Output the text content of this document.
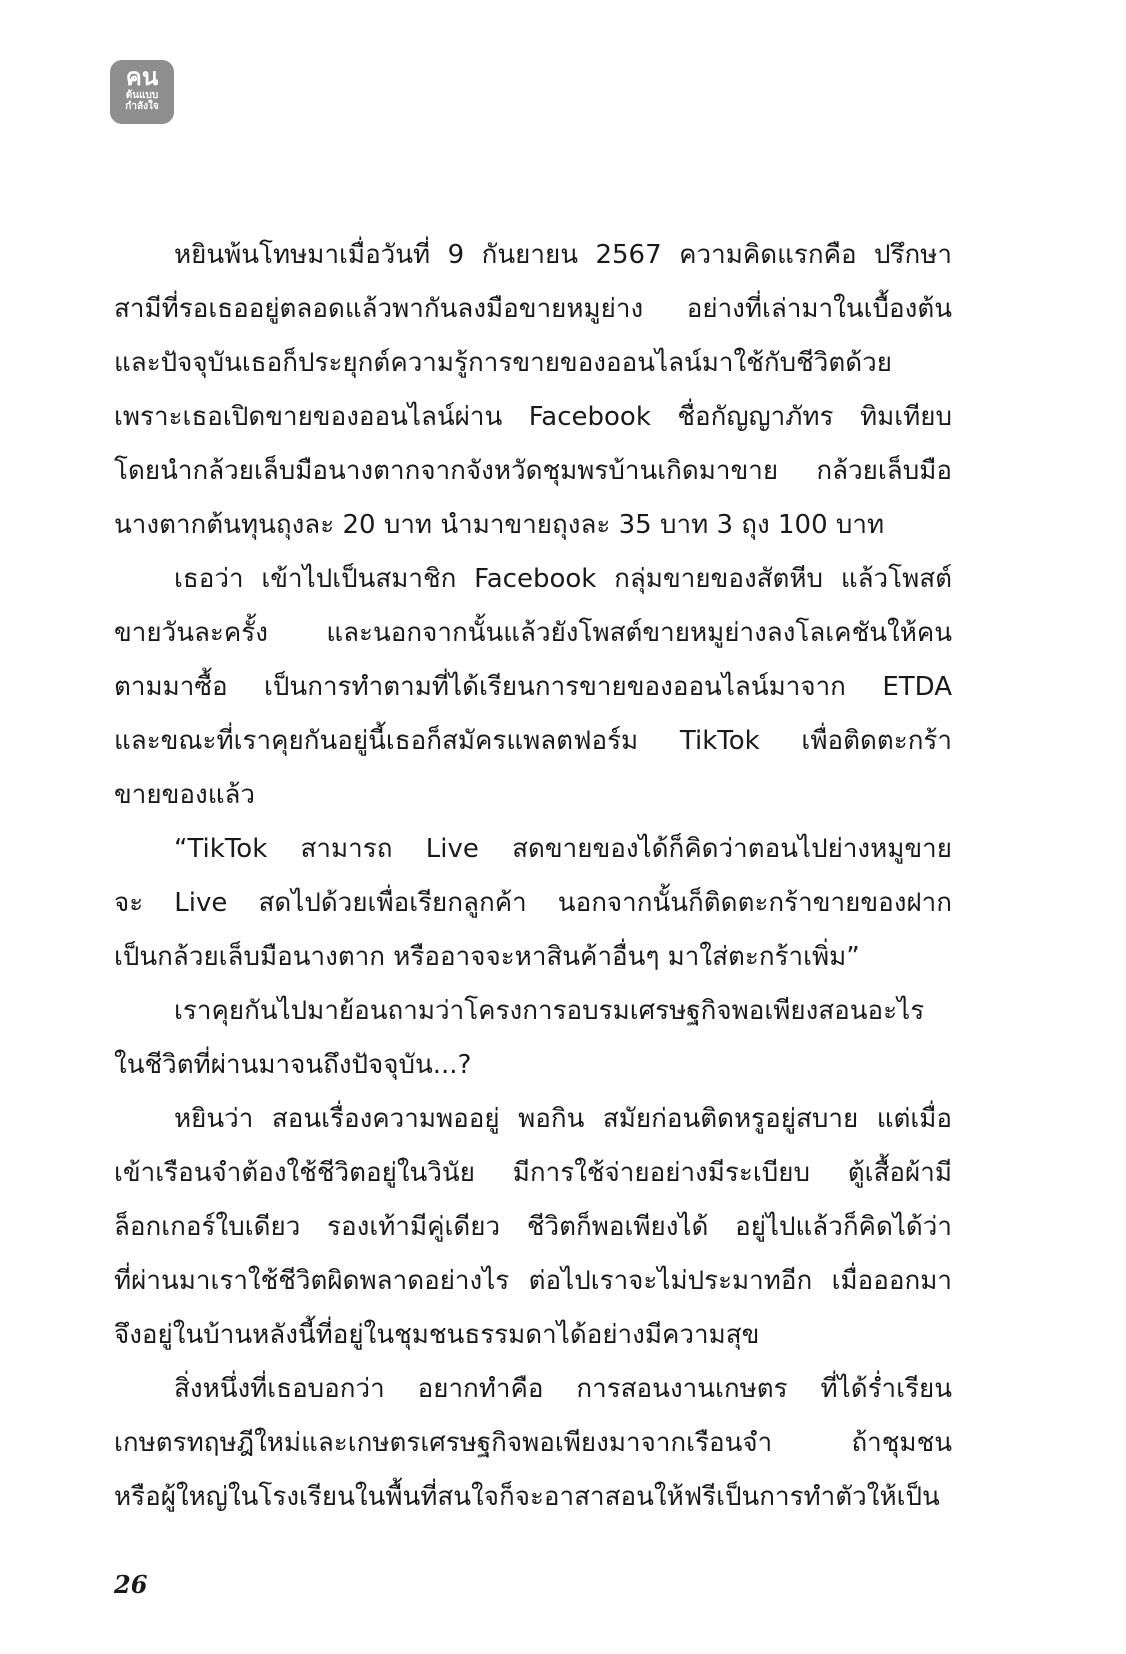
คน
ต้นแบบ
กำลังใจ
หยินพ้นโทษมาเมื่อวันที่ 9 กันยายน 2567 ความคิดแรกคือ ปรึกษา
สามีที่รอเธออยู่ตลอดแล้วพากันลงมือขายหมูย่าง อย่างที่เล่ามาในเบื้องต้น
และปัจจุบันเธอก็ประยุกต์ความรู้การขายของออนไลน์มาใช้กับชีวิตด้วย
เพราะเธอเปิดขายของออนไลน์ผ่าน Facebook ชื่อกัญญาภัทร ทิมเทียบ
โดยนำกล้วยเล็บมือนางตากจากจังหวัดชุมพรบ้านเกิดมาขาย กล้วยเล็บมือ
นางตากต้นทุนถุงละ 20 บาท นำมาขายถุงละ 35 บาท 3 ถุง 100 บาท
เธอว่า เข้าไปเป็นสมาชิก Facebook กลุ่มขายของสัตหีบ แล้วโพสต์
ขายวันละครั้ง และนอกจากนั้นแล้วยังโพสต์ขายหมูย่างลงโลเคชันให้คน
ตามมาซื้อ เป็นการทำตามที่ได้เรียนการขายของออนไลน์มาจาก ETDA
และขณะที่เราคุยกันอยู่นี้เธอก็สมัครแพลตฟอร์ม TikTok เพื่อติดตะกร้า
ขายของแล้ว
“TikTok สามารถ Live สดขายของได้ก็คิดว่าตอนไปย่างหมูขาย
จะ Live สดไปด้วยเพื่อเรียกลูกค้า นอกจากนั้นก็ติดตะกร้าขายของฝาก
เป็นกล้วยเล็บมือนางตาก หรืออาจจะหาสินค้าอื่นๆ มาใส่ตะกร้าเพิ่ม”
เราคุยกันไปมาย้อนถามว่าโครงการอบรมเศรษฐกิจพอเพียงสอนอะไร
ในชีวิตที่ผ่านมาจนถึงปัจจุบัน...?
หยินว่า สอนเรื่องความพออยู่ พอกิน สมัยก่อนติดหรูอยู่สบาย แต่เมื่อ
เข้าเรือนจำต้องใช้ชีวิตอยู่ในวินัย มีการใช้จ่ายอย่างมีระเบียบ ตู้เสื้อผ้ามี
ล็อกเกอร์ใบเดียว รองเท้ามีคู่เดียว ชีวิตก็พอเพียงได้ อยู่ไปแล้วก็คิดได้ว่า
ที่ผ่านมาเราใช้ชีวิตผิดพลาดอย่างไร ต่อไปเราจะไม่ประมาทอีก เมื่อออกมา
จึงอยู่ในบ้านหลังนี้ที่อยู่ในชุมชนธรรมดาได้อย่างมีความสุข
สิ่งหนึ่งที่เธอบอกว่า อยากทำคือ การสอนงานเกษตร ที่ได้ร่ำเรียน
เกษตรทฤษฎีใหม่และเกษตรเศรษฐกิจพอเพียงมาจากเรือนจำ ถ้าชุมชน
หรือผู้ใหญ่ในโรงเรียนในพื้นที่สนใจก็จะอาสาสอนให้ฟรีเป็นการทำตัวให้เป็น
26
